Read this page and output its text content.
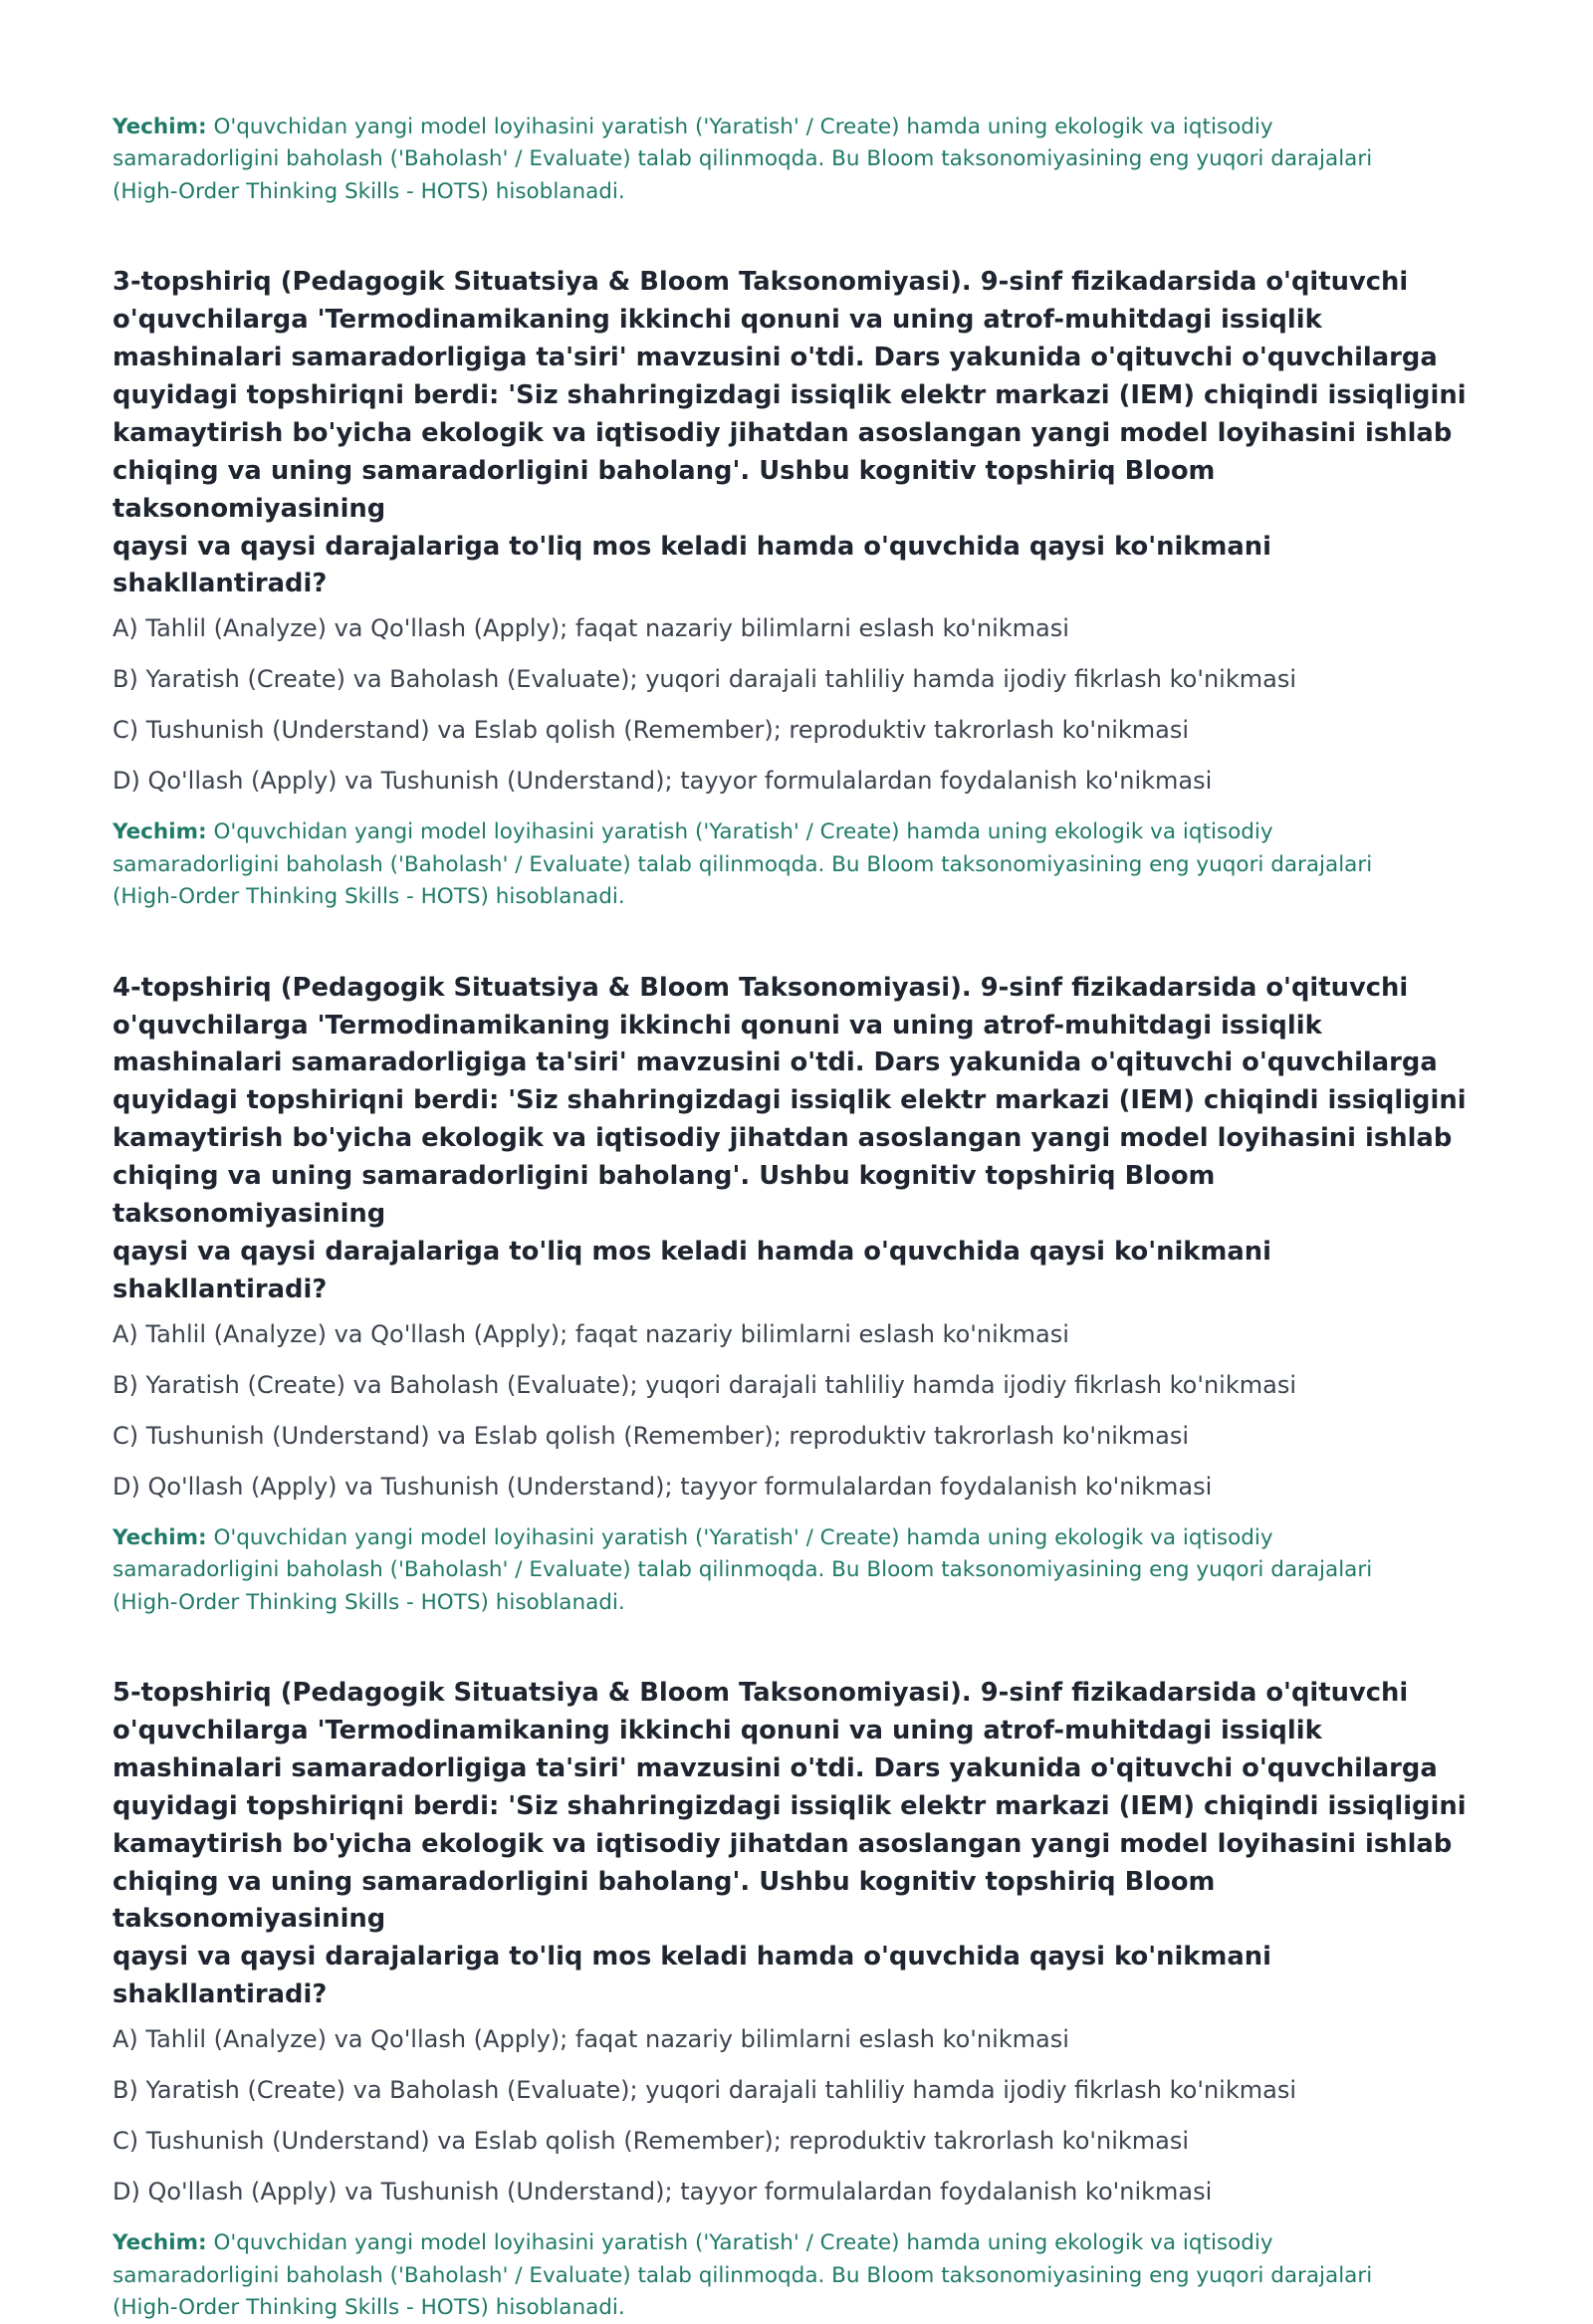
Yechim: O'quvchidan yangi model loyihasini yaratish ('Yaratish' / Create) hamda uning ekologik va iqtisodiy
samaradorligini baholash ('Baholash' / Evaluate) talab qilinmoqda. Bu Bloom taksonomiyasining eng yuqori darajalari
(High-Order Thinking Skills - HOTS) hisoblanadi.

3-topshiriq (Pedagogik Situatsiya & Bloom Taksonomiyasi). 9-sinf fizikadarsida o'qituvchi
o'quvchilarga 'Termodinamikaning ikkinchi qonuni va uning atrof-muhitdagi issiqlik
mashinalari samaradorligiga ta'siri' mavzusini o'tdi. Dars yakunida o'qituvchi o'quvchilarga
quyidagi topshiriqni berdi: 'Siz shahringizdagi issiqlik elektr markazi (IEM) chiqindi issiqligini
kamaytirish bo'yicha ekologik va iqtisodiy jihatdan asoslangan yangi model loyihasini ishlab
chiqing va uning samaradorligini baholang'. Ushbu kognitiv topshiriq Bloom taksonomiyasining
qaysi va qaysi darajalariga to'liq mos keladi hamda o'quvchida qaysi ko'nikmani shakllantiradi?

A) Tahlil (Analyze) va Qo'llash (Apply); faqat nazariy bilimlarni eslash ko'nikmasi
B) Yaratish (Create) va Baholash (Evaluate); yuqori darajali tahliliy hamda ijodiy fikrlash ko'nikmasi
C) Tushunish (Understand) va Eslab qolish (Remember); reproduktiv takrorlash ko'nikmasi
D) Qo'llash (Apply) va Tushunish (Understand); tayyor formulalardan foydalanish ko'nikmasi

Yechim: O'quvchidan yangi model loyihasini yaratish ('Yaratish' / Create) hamda uning ekologik va iqtisodiy
samaradorligini baholash ('Baholash' / Evaluate) talab qilinmoqda. Bu Bloom taksonomiyasining eng yuqori darajalari
(High-Order Thinking Skills - HOTS) hisoblanadi.

4-topshiriq (Pedagogik Situatsiya & Bloom Taksonomiyasi). 9-sinf fizikadarsida o'qituvchi
o'quvchilarga 'Termodinamikaning ikkinchi qonuni va uning atrof-muhitdagi issiqlik
mashinalari samaradorligiga ta'siri' mavzusini o'tdi. Dars yakunida o'qituvchi o'quvchilarga
quyidagi topshiriqni berdi: 'Siz shahringizdagi issiqlik elektr markazi (IEM) chiqindi issiqligini
kamaytirish bo'yicha ekologik va iqtisodiy jihatdan asoslangan yangi model loyihasini ishlab
chiqing va uning samaradorligini baholang'. Ushbu kognitiv topshiriq Bloom taksonomiyasining
qaysi va qaysi darajalariga to'liq mos keladi hamda o'quvchida qaysi ko'nikmani shakllantiradi?

A) Tahlil (Analyze) va Qo'llash (Apply); faqat nazariy bilimlarni eslash ko'nikmasi
B) Yaratish (Create) va Baholash (Evaluate); yuqori darajali tahliliy hamda ijodiy fikrlash ko'nikmasi
C) Tushunish (Understand) va Eslab qolish (Remember); reproduktiv takrorlash ko'nikmasi
D) Qo'llash (Apply) va Tushunish (Understand); tayyor formulalardan foydalanish ko'nikmasi

Yechim: O'quvchidan yangi model loyihasini yaratish ('Yaratish' / Create) hamda uning ekologik va iqtisodiy
samaradorligini baholash ('Baholash' / Evaluate) talab qilinmoqda. Bu Bloom taksonomiyasining eng yuqori darajalari
(High-Order Thinking Skills - HOTS) hisoblanadi.

5-topshiriq (Pedagogik Situatsiya & Bloom Taksonomiyasi). 9-sinf fizikadarsida o'qituvchi
o'quvchilarga 'Termodinamikaning ikkinchi qonuni va uning atrof-muhitdagi issiqlik
mashinalari samaradorligiga ta'siri' mavzusini o'tdi. Dars yakunida o'qituvchi o'quvchilarga
quyidagi topshiriqni berdi: 'Siz shahringizdagi issiqlik elektr markazi (IEM) chiqindi issiqligini
kamaytirish bo'yicha ekologik va iqtisodiy jihatdan asoslangan yangi model loyihasini ishlab
chiqing va uning samaradorligini baholang'. Ushbu kognitiv topshiriq Bloom taksonomiyasining
qaysi va qaysi darajalariga to'liq mos keladi hamda o'quvchida qaysi ko'nikmani shakllantiradi?

A) Tahlil (Analyze) va Qo'llash (Apply); faqat nazariy bilimlarni eslash ko'nikmasi
B) Yaratish (Create) va Baholash (Evaluate); yuqori darajali tahliliy hamda ijodiy fikrlash ko'nikmasi
C) Tushunish (Understand) va Eslab qolish (Remember); reproduktiv takrorlash ko'nikmasi
D) Qo'llash (Apply) va Tushunish (Understand); tayyor formulalardan foydalanish ko'nikmasi

Yechim: O'quvchidan yangi model loyihasini yaratish ('Yaratish' / Create) hamda uning ekologik va iqtisodiy
samaradorligini baholash ('Baholash' / Evaluate) talab qilinmoqda. Bu Bloom taksonomiyasining eng yuqori darajalari
(High-Order Thinking Skills - HOTS) hisoblanadi.
